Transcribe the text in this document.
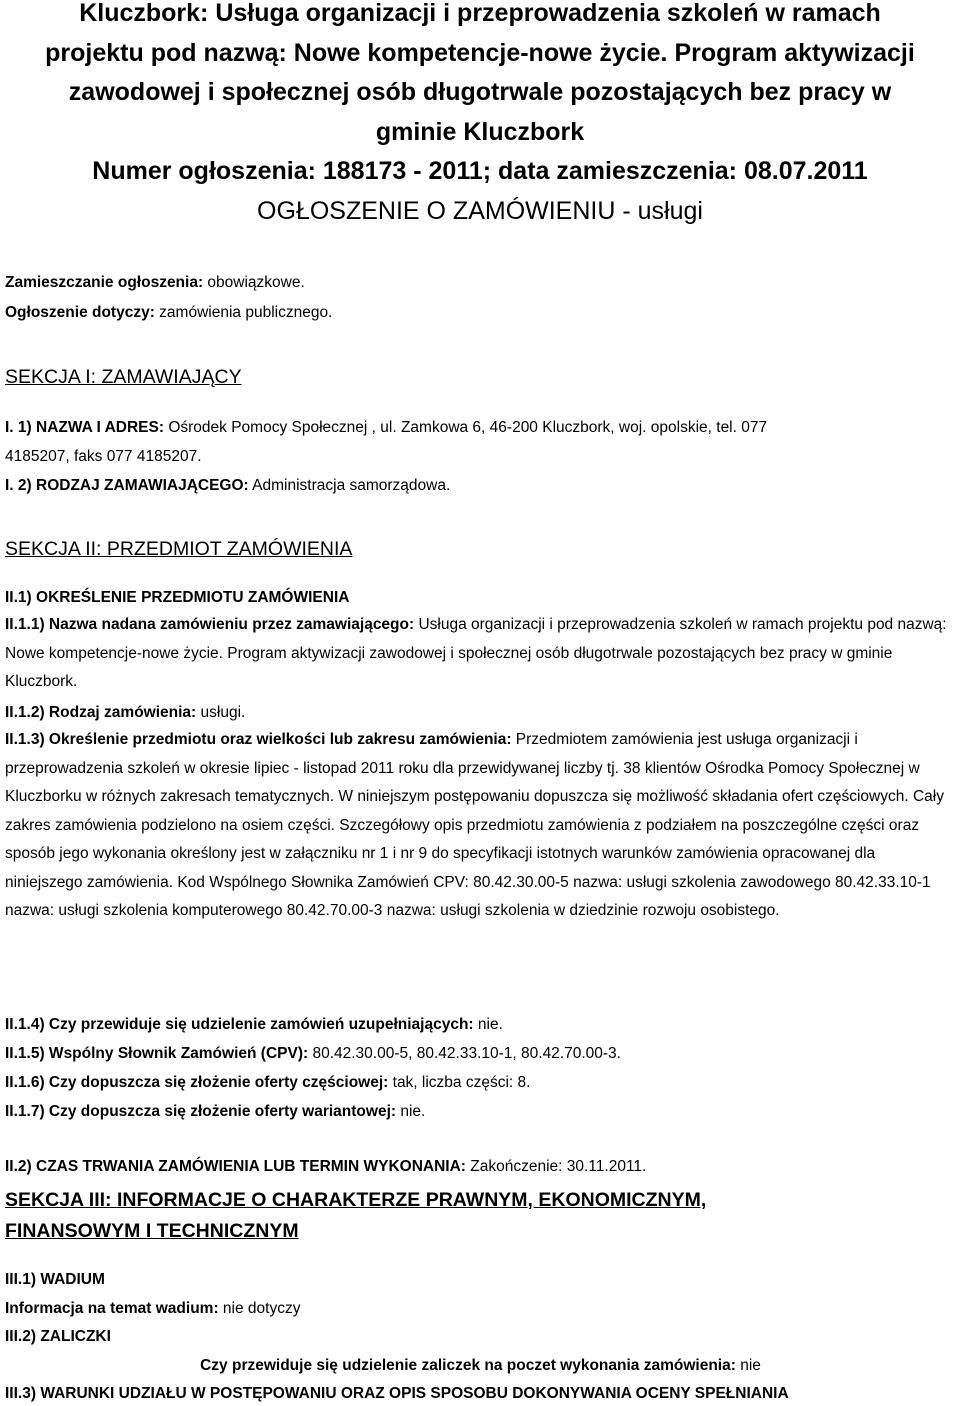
Kluczbork: Usługa organizacji i przeprowadzenia szkoleń w ramach

projektu pod nazwą: Nowe kompetencje-nowe życie. Program aktywizacji

zawodowej i społecznej osób długotrwale pozostających bez pracy w

gminie Kluczbork

Numer ogłoszenia: 188173 - 2011; data zamieszczenia: 08.07.2011

OGŁOSZENIE O ZAMÓWIENIU - usługi

Zamieszczanie ogłoszenia: obowiązkowe.
Ogłoszenie dotyczy: zamówienia publicznego.
SEKCJA I: ZAMAWIAJĄCY
I. 1) NAZWA I ADRES: Ośrodek Pomocy Społecznej , ul. Zamkowa 6, 46-200 Kluczbork, woj. opolskie, tel. 077
4185207, faks 077 4185207.
I. 2) RODZAJ ZAMAWIAJĄCEGO: Administracja samorządowa.
SEKCJA II: PRZEDMIOT ZAMÓWIENIA
II.1) OKREŚLENIE PRZEDMIOTU ZAMÓWIENIA
II.1.1) Nazwa nadana zamówieniu przez zamawiającego: Usługa organizacji i przeprowadzenia szkoleń w ramach projektu pod nazwą: Nowe kompetencje-nowe życie. Program aktywizacji zawodowej i społecznej osób długotrwale pozostających bez pracy w gminie Kluczbork.
II.1.2) Rodzaj zamówienia: usługi.
II.1.3) Określenie przedmiotu oraz wielkości lub zakresu zamówienia: Przedmiotem zamówienia jest usługa organizacji i przeprowadzenia szkoleń w okresie lipiec - listopad 2011 roku dla przewidywanej liczby tj. 38 klientów Ośrodka Pomocy Społecznej w Kluczborku w różnych zakresach tematycznych. W niniejszym postępowaniu dopuszcza się możliwość składania ofert częściowych. Cały zakres zamówienia podzielono na osiem części. Szczegółowy opis przedmiotu zamówienia z podziałem na poszczególne części oraz sposób jego wykonania określony jest w załączniku nr 1 i nr 9 do specyfikacji istotnych warunków zamówienia opracowanej dla niniejszego zamówienia. Kod Wspólnego Słownika Zamówień CPV: 80.42.30.00-5 nazwa: usługi szkolenia zawodowego 80.42.33.10-1 nazwa: usługi szkolenia komputerowego 80.42.70.00-3 nazwa: usługi szkolenia w dziedzinie rozwoju osobistego.
II.1.4) Czy przewiduje się udzielenie zamówień uzupełniających: nie.
II.1.5) Wspólny Słownik Zamówień (CPV): 80.42.30.00-5, 80.42.33.10-1, 80.42.70.00-3.
II.1.6) Czy dopuszcza się złożenie oferty częściowej: tak, liczba części: 8.
II.1.7) Czy dopuszcza się złożenie oferty wariantowej: nie.
II.2) CZAS TRWANIA ZAMÓWIENIA LUB TERMIN WYKONANIA: Zakończenie: 30.11.2011.
SEKCJA III: INFORMACJE O CHARAKTERZE PRAWNYM, EKONOMICZNYM,
FINANSOWYM I TECHNICZNYM
III.1) WADIUM
Informacja na temat wadium: nie dotyczy
III.2) ZALICZKI
Czy przewiduje się udzielenie zaliczek na poczet wykonania zamówienia: nie
III.3) WARUNKI UDZIAŁU W POSTĘPOWANIU ORAZ OPIS SPOSOBU DOKONYWANIA OCENY SPEŁNIANIA
